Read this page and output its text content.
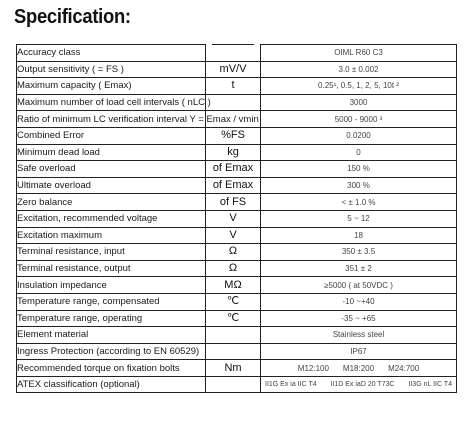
Specification:
Accuracy class				OIML R60 C3
Output sensitivity ( = FS )		mV/V		3.0 ± 0.002
Maximum capacity ( Emax)		t		0.25¹, 0.5, 1, 2, 5, 10t ²
Maximum number of load cell intervals ( nLC )				3000
Ratio of minimum LC verification interval Y = Emax / vmin				5000 - 9000 ³
Combined Error		%FS		0.0200
Minimum dead load		kg		0
Safe overload		of Emax		150 %
Ultimate overload		of Emax		300 %
Zero balance		of FS		< ± 1.0 %
Excitation, recommended voltage		V		5 ~ 12
Excitation maximum		V		18
Terminal resistance, input		Ω		350 ± 3.5
Terminal resistance, output		Ω		351 ± 2
Insulation impedance		MΩ		≥5000 ( at 50VDC )
Temperature range, compensated		℃		-10 ~+40
Temperature range, operating		℃		-35 ~ +65
Element material				Stainless steel
Ingress Protection (according to EN 60529)				IP67
Recommended torque on fixation bolts		Nm		M12:100 M18:200 M24:700

ATEX classification (optional)				II1G Ex ia IIC T4 II1D Ex iaD 20 T73C II3G nL IIC T4
